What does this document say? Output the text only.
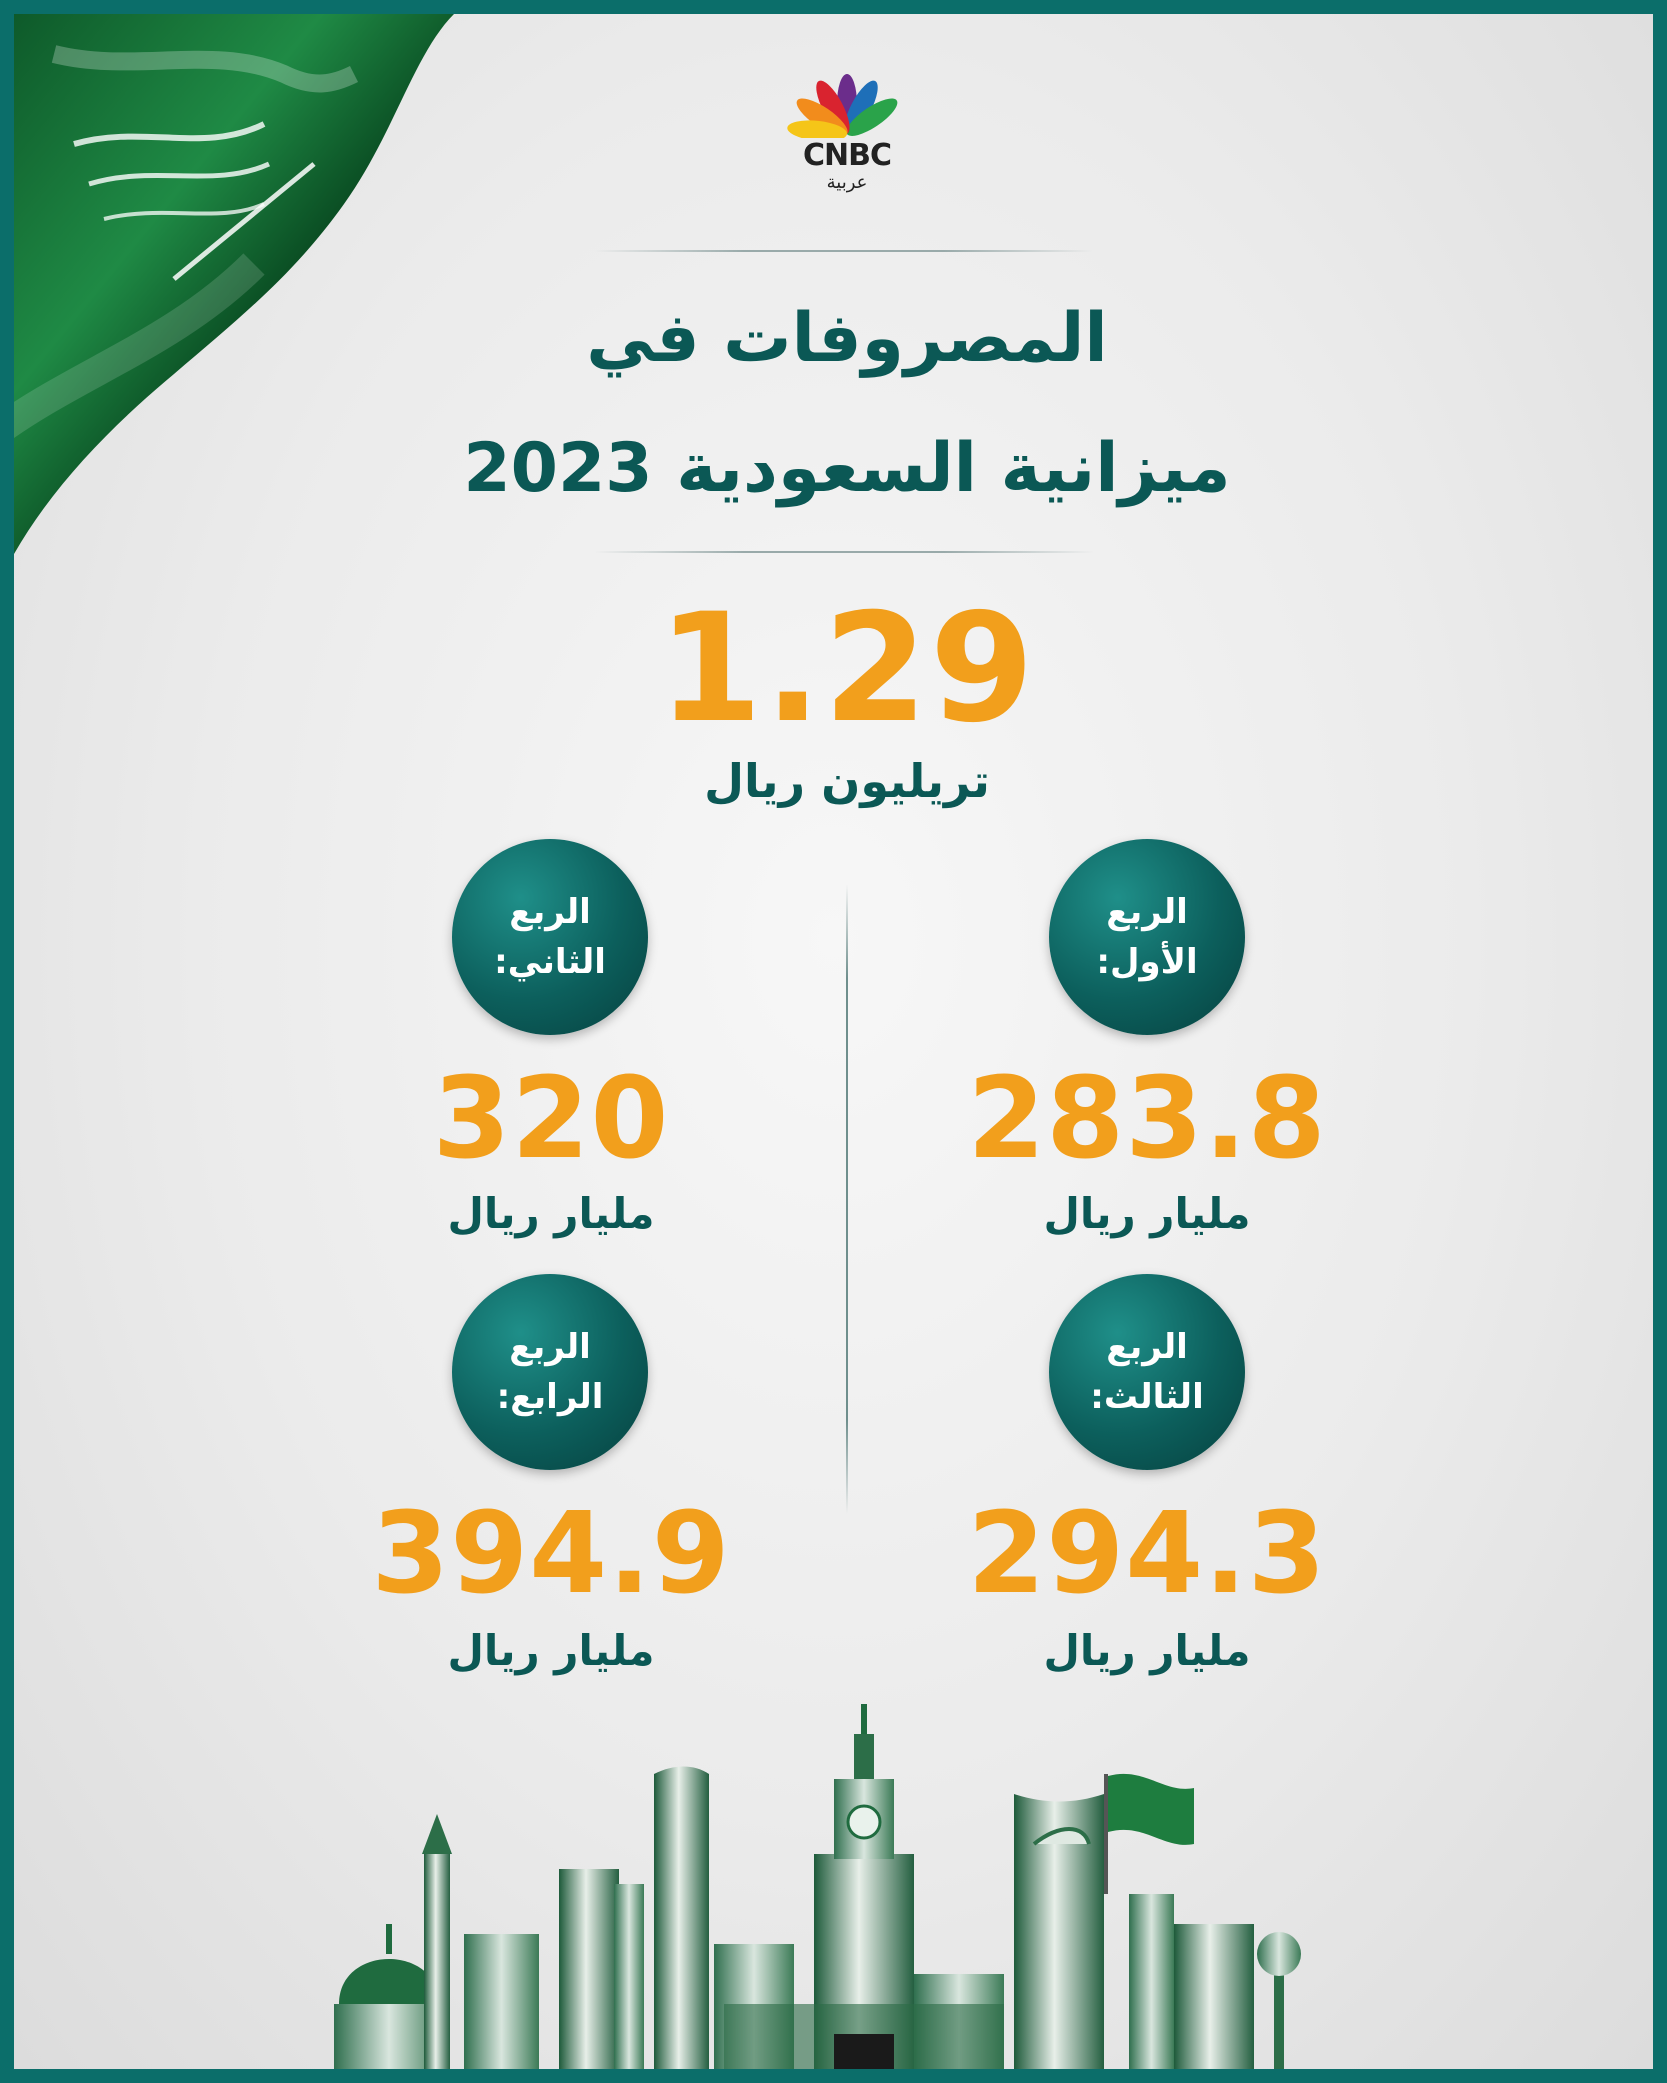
CNBC
عربية
المصروفات في
ميزانية السعودية 2023
1.29
تريليون ريال
الربع
الأول:
283.8
مليار ريال
الربع
الثاني:
320
مليار ريال
الربع
الثالث:
294.3
مليار ريال
الربع
الرابع:
394.9
مليار ريال
